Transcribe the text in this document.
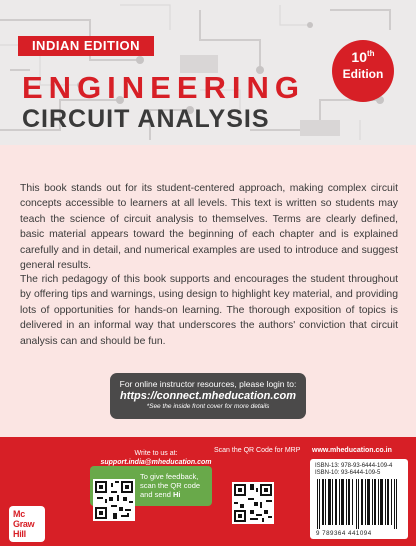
INDIAN EDITION
10th
Edition
ENGINEERING
CIRCUIT ANALYSIS

This book stands out for its student-centered approach, making complex circuit concepts accessible to learners at all levels. This text is written so students may teach the science of circuit analysis to themselves. Terms are clearly defined, basic material appears toward the beginning of each chapter and is explained carefully and in detail, and numerical examples are used to introduce and suggest general results.

The rich pedagogy of this book supports and encourages the student throughout by offering tips and warnings, using design to highlight key material, and providing lots of opportunities for hands-on learning. The thorough exposition of topics is delivered in an informal way that underscores the authors' conviction that circuit analysis can and should be fun.

For online instructor resources, please login to:
https://connect.mheducation.com
*See the inside front cover for more details
Mc
Graw
Hill
Write to us at:
support.india@mheducation.com
To give feedback,
scan the QR code
and send Hi
Scan the QR Code for MRP www.mheducation.co.in
ISBN-13: 978-93-6444-109-4
ISBN-10: 93-6444-109-5
9 789364 441094
